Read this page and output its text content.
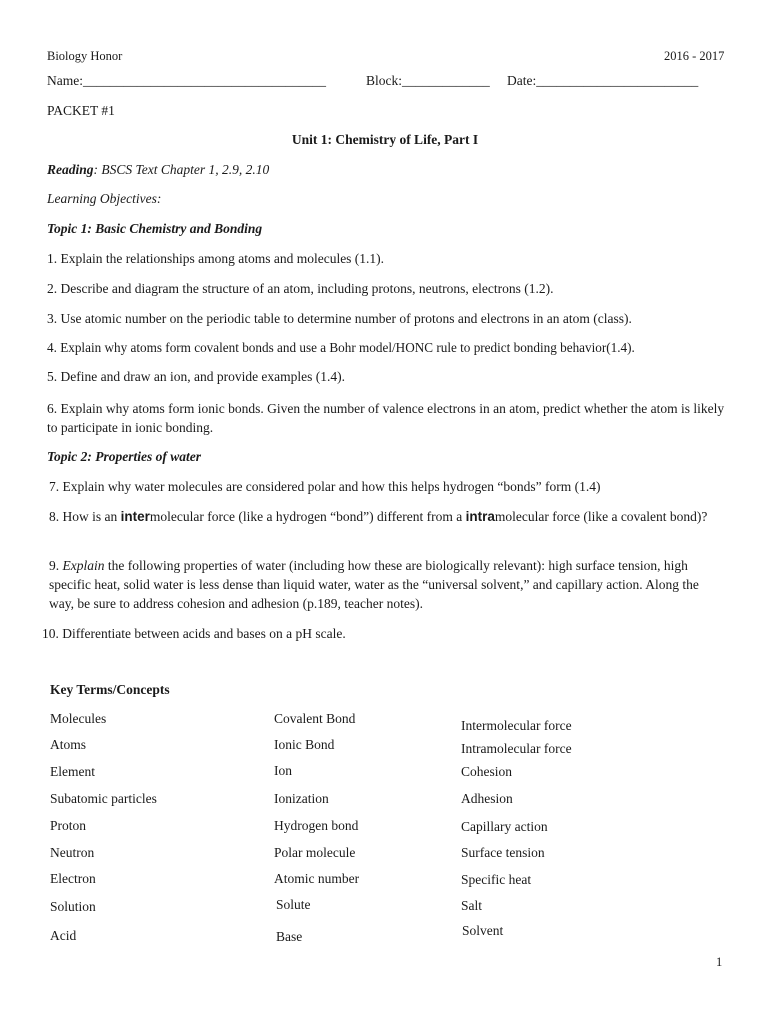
Biology Honor	2016 - 2017
Name:____________________________________	Block:_____________ Date:________________________
PACKET #1
Unit 1: Chemistry of Life, Part I
Reading: BSCS Text Chapter 1, 2.9, 2.10
Learning Objectives:
Topic 1: Basic Chemistry and Bonding
1. Explain the relationships among atoms and molecules (1.1).
2. Describe and diagram the structure of an atom, including protons, neutrons, electrons (1.2).
3. Use atomic number on the periodic table to determine number of protons and electrons in an atom (class).
4. Explain why atoms form covalent bonds and use a Bohr model/HONC rule to predict bonding behavior(1.4).
5. Define and draw an ion, and provide examples (1.4).
6. Explain why atoms form ionic bonds. Given the number of valence electrons in an atom, predict whether the atom is likely to participate in ionic bonding.
Topic 2: Properties of water
7. Explain why water molecules are considered polar and how this helps hydrogen “bonds” form (1.4)
8. How is an intermolecular force (like a hydrogen “bond”) different from a intramolecular force (like a covalent bond)?
9. Explain the following properties of water (including how these are biologically relevant): high surface tension, high specific heat, solid water is less dense than liquid water, water as the “universal solvent,” and capillary action. Along the way, be sure to address cohesion and adhesion (p.189, teacher notes).
10. Differentiate between acids and bases on a pH scale.
Key Terms/Concepts
Molecules
Atoms
Element
Subatomic particles
Proton
Neutron
Electron
Solution
Acid
Covalent Bond
Ionic Bond
Ion
Ionization
Hydrogen bond
Polar molecule
Atomic number
Solute
Base
Intermolecular force
Intramolecular force
Cohesion
Adhesion
Capillary action
Surface tension
Specific heat
Salt
Solvent
1
